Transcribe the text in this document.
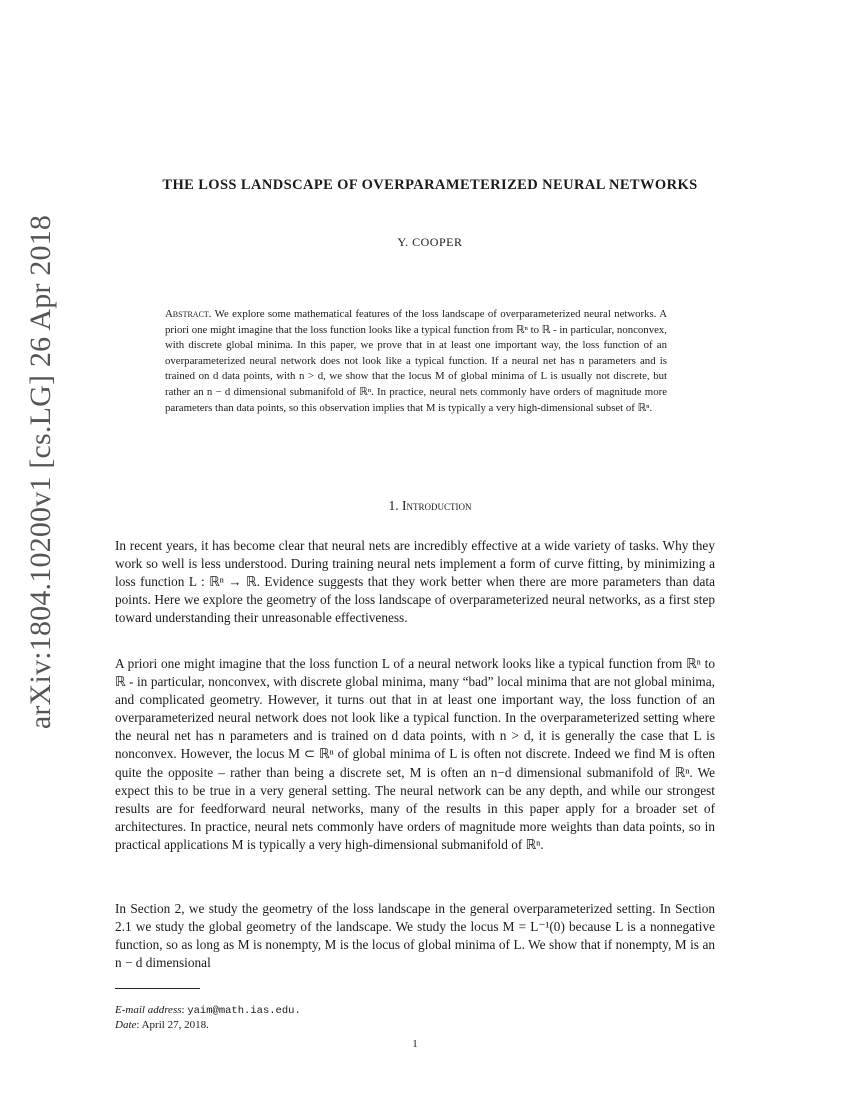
arXiv:1804.10200v1 [cs.LG] 26 Apr 2018
THE LOSS LANDSCAPE OF OVERPARAMETERIZED NEURAL NETWORKS
Y. COOPER
Abstract. We explore some mathematical features of the loss landscape of overparameterized neural networks. A priori one might imagine that the loss function looks like a typical function from ℝⁿ to ℝ - in particular, nonconvex, with discrete global minima. In this paper, we prove that in at least one important way, the loss function of an overparameterized neural network does not look like a typical function. If a neural net has n parameters and is trained on d data points, with n > d, we show that the locus M of global minima of L is usually not discrete, but rather an n − d dimensional submanifold of ℝⁿ. In practice, neural nets commonly have orders of magnitude more parameters than data points, so this observation implies that M is typically a very high-dimensional subset of ℝⁿ.
1. Introduction

In recent years, it has become clear that neural nets are incredibly effective at a wide variety of tasks. Why they work so well is less understood. During training neural nets implement a form of curve fitting, by minimizing a loss function L : ℝⁿ → ℝ. Evidence suggests that they work better when there are more parameters than data points. Here we explore the geometry of the loss landscape of overparameterized neural networks, as a first step toward understanding their unreasonable effectiveness.

A priori one might imagine that the loss function L of a neural network looks like a typical function from ℝⁿ to ℝ - in particular, nonconvex, with discrete global minima, many “bad” local minima that are not global minima, and complicated geometry. However, it turns out that in at least one important way, the loss function of an overparameterized neural network does not look like a typical function. In the overparameterized setting where the neural net has n parameters and is trained on d data points, with n > d, it is generally the case that L is nonconvex. However, the locus M ⊂ ℝⁿ of global minima of L is often not discrete. Indeed we find M is often quite the opposite – rather than being a discrete set, M is often an n−d dimensional submanifold of ℝⁿ. We expect this to be true in a very general setting. The neural network can be any depth, and while our strongest results are for feedforward neural networks, many of the results in this paper apply for a broader set of architectures. In practice, neural nets commonly have orders of magnitude more weights than data points, so in practical applications M is typically a very high-dimensional submanifold of ℝⁿ.

In Section 2, we study the geometry of the loss landscape in the general overparameterized setting. In Section 2.1 we study the global geometry of the landscape. We study the locus M = L⁻¹(0) because L is a nonnegative function, so as long as M is nonempty, M is the locus of global minima of L. We show that if nonempty, M is an n − d dimensional

E-mail address: yaim@math.ias.edu.
Date: April 27, 2018.
1
